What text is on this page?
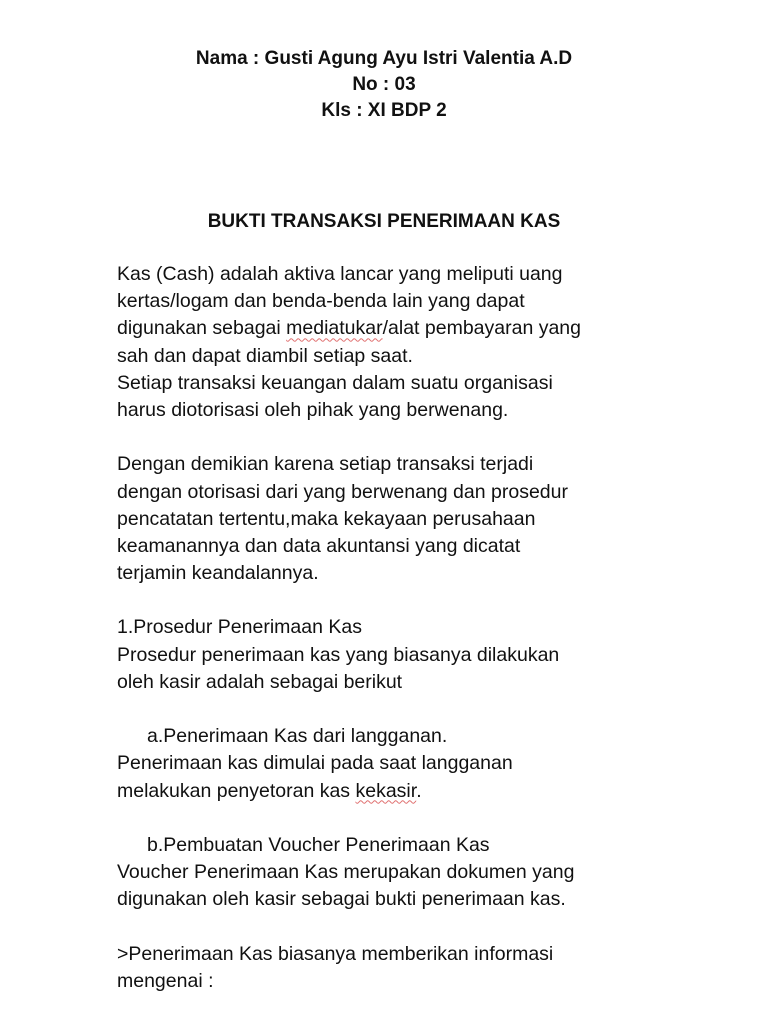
Nama : Gusti Agung Ayu Istri Valentia A.D
No : 03
Kls : XI BDP 2
BUKTI TRANSAKSI PENERIMAAN KAS
Kas (Cash) adalah aktiva lancar yang meliputi uang
kertas/logam dan benda-benda lain yang dapat
digunakan sebagai mediatukar/alat pembayaran yang
sah dan dapat diambil setiap saat.
Setiap transaksi keuangan dalam suatu organisasi
harus diotorisasi oleh pihak yang berwenang.
Dengan demikian karena setiap transaksi terjadi
dengan otorisasi dari yang berwenang dan prosedur
pencatatan tertentu,maka kekayaan perusahaan
keamanannya dan data akuntansi yang dicatat
terjamin keandalannya.
1.Prosedur Penerimaan Kas
Prosedur penerimaan kas yang biasanya dilakukan
oleh kasir adalah sebagai berikut
a.Penerimaan Kas dari langganan.
Penerimaan kas dimulai pada saat langganan
melakukan penyetoran kas kekasir.
b.Pembuatan Voucher Penerimaan Kas
Voucher Penerimaan Kas merupakan dokumen yang
digunakan oleh kasir sebagai bukti penerimaan kas.
>Penerimaan Kas biasanya memberikan informasi
mengenai :
